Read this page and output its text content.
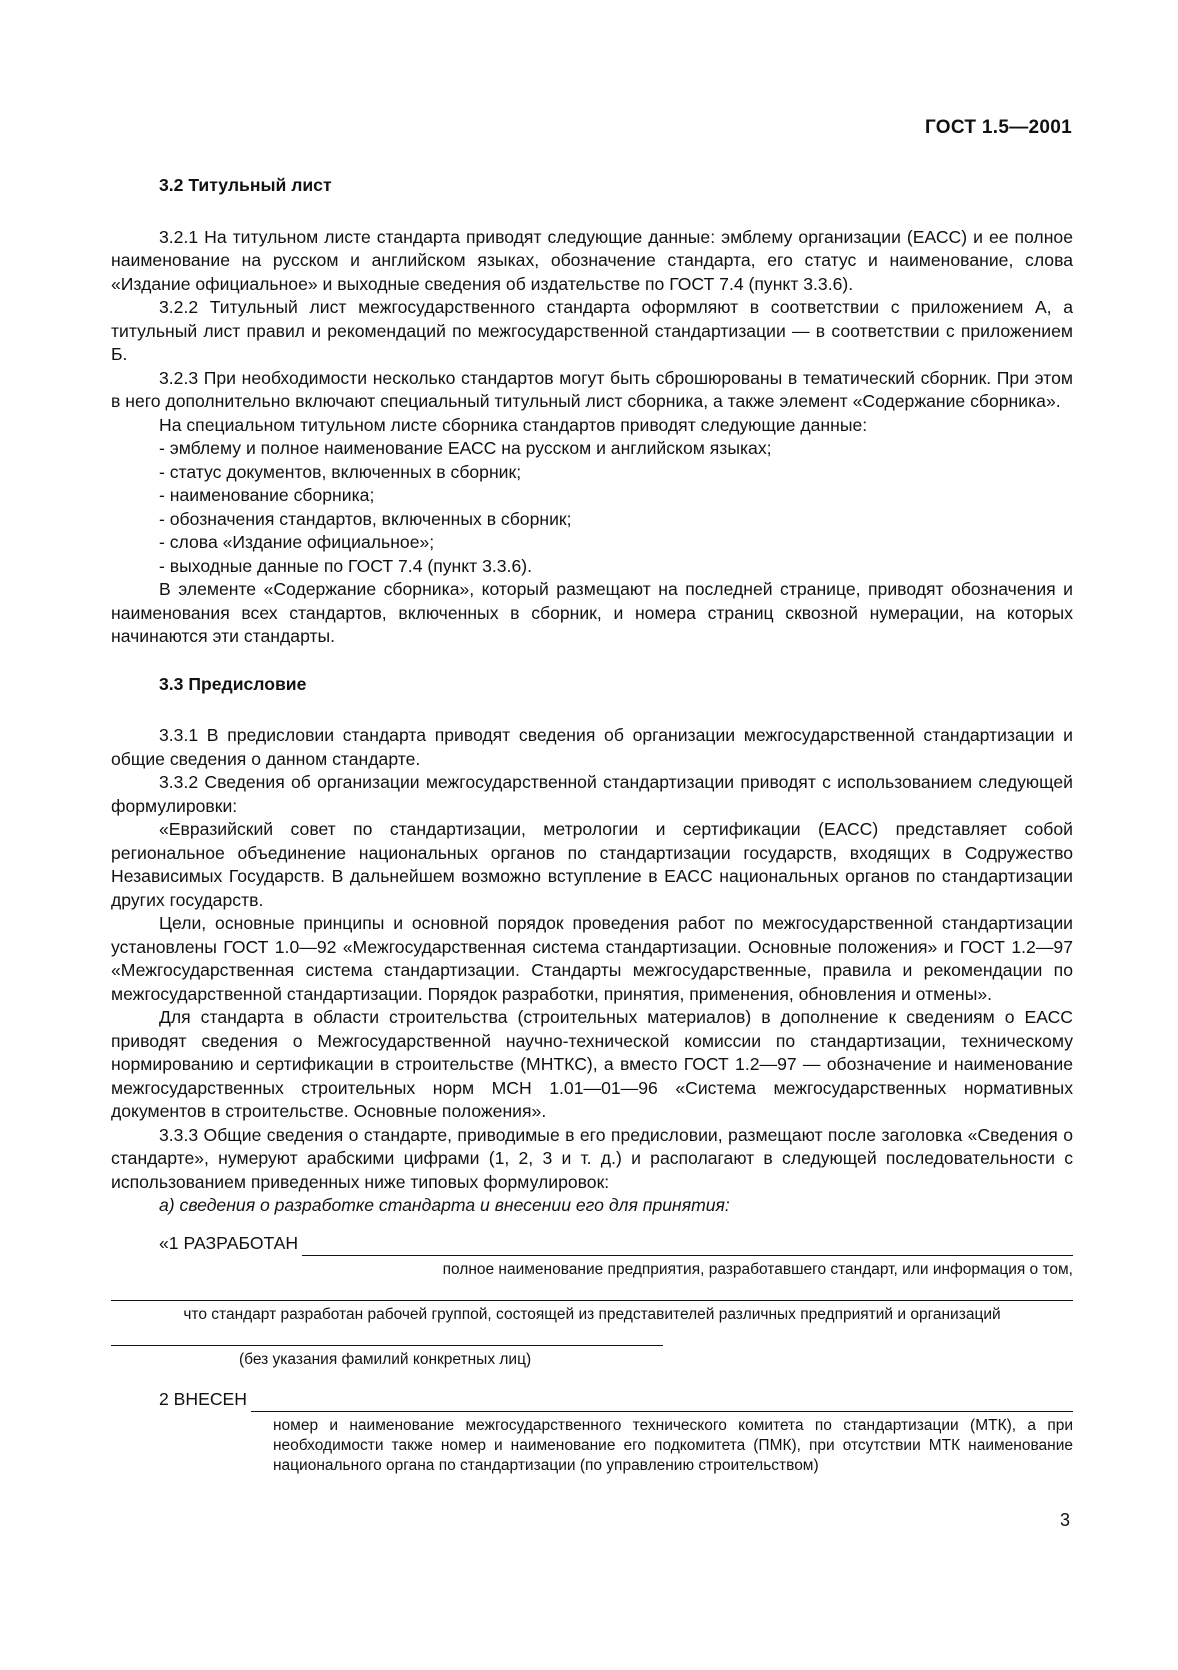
ГОСТ 1.5—2001

3.2 Титульный лист

3.2.1 На титульном листе стандарта приводят следующие данные: эмблему организации (ЕАСС) и ее полное наименование на русском и английском языках, обозначение стандарта, его статус и наименование, слова «Издание официальное» и выходные сведения об издательстве по ГОСТ 7.4 (пункт 3.3.6).

3.2.2 Титульный лист межгосударственного стандарта оформляют в соответствии с приложением А, а титульный лист правил и рекомендаций по межгосударственной стандартизации — в соответствии с приложением Б.

3.2.3 При необходимости несколько стандартов могут быть сброшюрованы в тематический сборник. При этом в него дополнительно включают специальный титульный лист сборника, а также элемент «Содержание сборника».

На специальном титульном листе сборника стандартов приводят следующие данные:

- эмблему и полное наименование ЕАСС на русском и английском языках;

- статус документов, включенных в сборник;

- наименование сборника;

- обозначения стандартов, включенных в сборник;

- слова «Издание официальное»;

- выходные данные по ГОСТ 7.4 (пункт 3.3.6).

В элементе «Содержание сборника», который размещают на последней странице, приводят обозначения и наименования всех стандартов, включенных в сборник, и номера страниц сквозной нумерации, на которых начинаются эти стандарты.

3.3 Предисловие

3.3.1 В предисловии стандарта приводят сведения об организации межгосударственной стандартизации и общие сведения о данном стандарте.

3.3.2 Сведения об организации межгосударственной стандартизации приводят с использованием следующей формулировки:

«Евразийский совет по стандартизации, метрологии и сертификации (ЕАСС) представляет собой региональное объединение национальных органов по стандартизации государств, входящих в Содружество Независимых Государств. В дальнейшем возможно вступление в ЕАСС национальных органов по стандартизации других государств.

Цели, основные принципы и основной порядок проведения работ по межгосударственной стандартизации установлены ГОСТ 1.0—92 «Межгосударственная система стандартизации. Основные положения» и ГОСТ 1.2—97 «Межгосударственная система стандартизации. Стандарты межгосударственные, правила и рекомендации по межгосударственной стандартизации. Порядок разработки, принятия, применения, обновления и отмены».

Для стандарта в области строительства (строительных материалов) в дополнение к сведениям о ЕАСС приводят сведения о Межгосударственной научно-технической комиссии по стандартизации, техническому нормированию и сертификации в строительстве (МНТКС), а вместо ГОСТ 1.2—97 — обозначение и наименование межгосударственных строительных норм МСН 1.01—01—96 «Система межгосударственных нормативных документов в строительстве. Основные положения».

3.3.3 Общие сведения о стандарте, приводимые в его предисловии, размещают после заголовка «Сведения о стандарте», нумеруют арабскими цифрами (1, 2, 3 и т. д.) и располагают в следующей последовательности с использованием приведенных ниже типовых формулировок:

а) сведения о разработке стандарта и внесении его для принятия:

«1 РАЗРАБОТАН

полное наименование предприятия, разработавшего стандарт, или информация о том,

что стандарт разработан рабочей группой, состоящей из представителей различных предприятий и организаций

(без указания фамилий конкретных лиц)

2 ВНЕСЕН

номер и наименование межгосударственного технического комитета по стандартизации (МТК), а при необходимости также номер и наименование его подкомитета (ПМК), при отсутствии МТК наименование национального органа по стандартизации (по управлению строительством)

3
